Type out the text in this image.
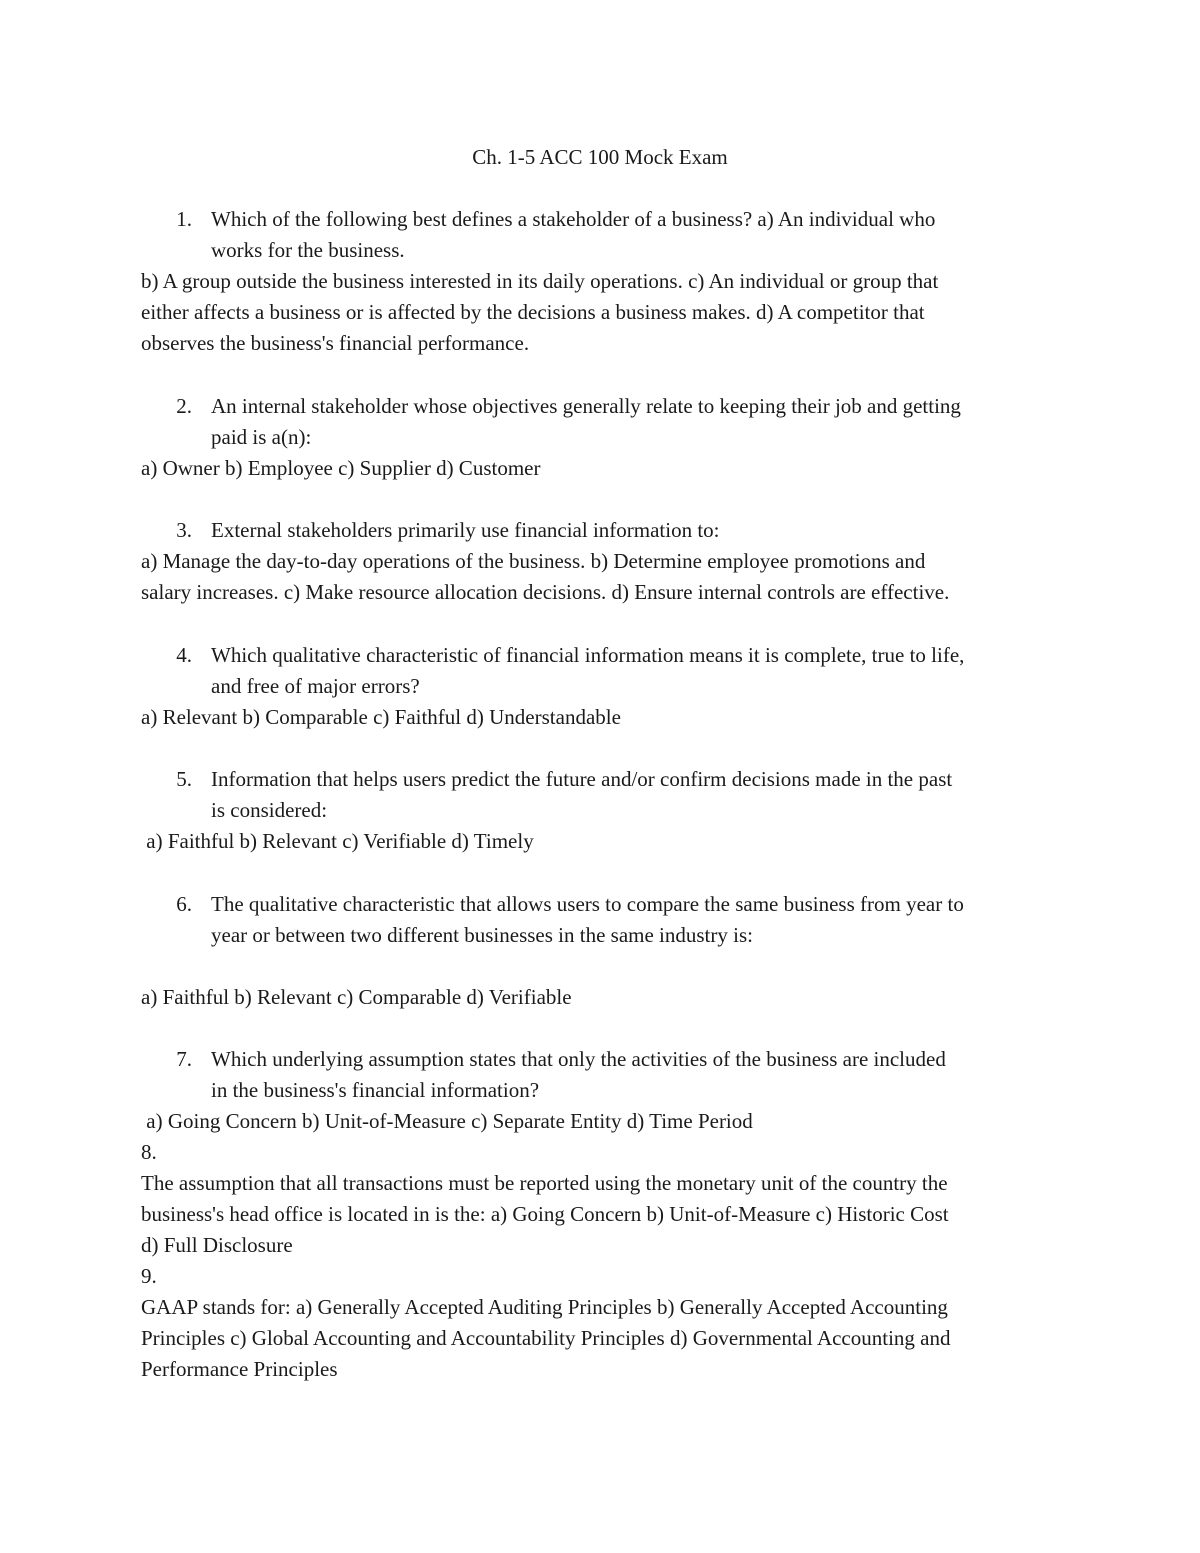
Ch. 1-5 ACC 100 Mock Exam
1. Which of the following best defines a stakeholder of a business? a) An individual who
works for the business.
b) A group outside the business interested in its daily operations. c) An individual or group that
either affects a business or is affected by the decisions a business makes. d) A competitor that
observes the business's financial performance.
2. An internal stakeholder whose objectives generally relate to keeping their job and getting
paid is a(n):
a) Owner b) Employee c) Supplier d) Customer
3. External stakeholders primarily use financial information to:
a) Manage the day-to-day operations of the business. b) Determine employee promotions and
salary increases. c) Make resource allocation decisions. d) Ensure internal controls are effective.
4. Which qualitative characteristic of financial information means it is complete, true to life,
and free of major errors?
a) Relevant b) Comparable c) Faithful d) Understandable
5. Information that helps users predict the future and/or confirm decisions made in the past
is considered:
a) Faithful b) Relevant c) Verifiable d) Timely
6. The qualitative characteristic that allows users to compare the same business from year to
year or between two different businesses in the same industry is:
a) Faithful b) Relevant c) Comparable d) Verifiable
7. Which underlying assumption states that only the activities of the business are included
in the business's financial information?
a) Going Concern b) Unit-of-Measure c) Separate Entity d) Time Period
8.
The assumption that all transactions must be reported using the monetary unit of the country the
business's head office is located in is the: a) Going Concern b) Unit-of-Measure c) Historic Cost
d) Full Disclosure
9.
GAAP stands for: a) Generally Accepted Auditing Principles b) Generally Accepted Accounting
Principles c) Global Accounting and Accountability Principles d) Governmental Accounting and
Performance Principles
